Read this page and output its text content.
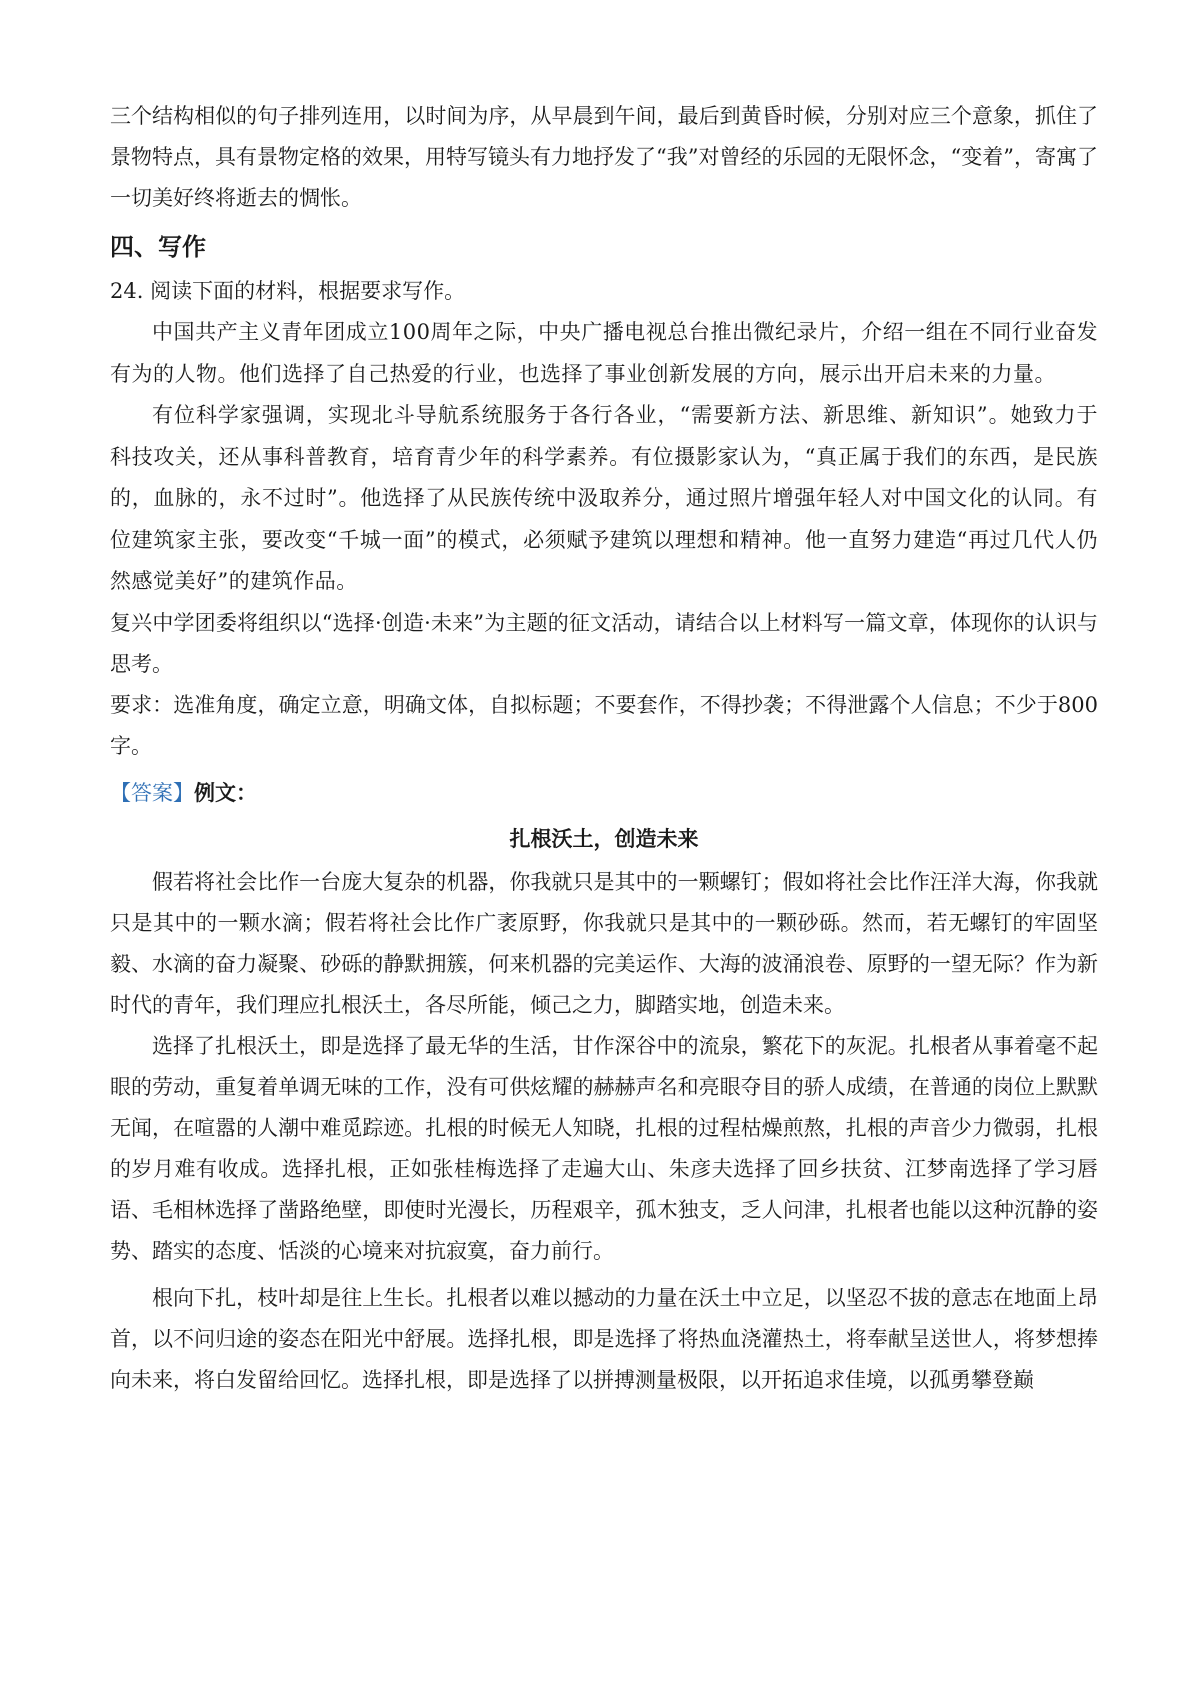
三个结构相似的句子排列连用，以时间为序，从早晨到午间，最后到黄昏时候，分别对应三个意象，抓住了景物特点，具有景物定格的效果，用特写镜头有力地抒发了“我”对曾经的乐园的无限怀念，“变着”，寄寓了一切美好终将逝去的惆怅。

四、写作

24. 阅读下面的材料，根据要求写作。

中国共产主义青年团成立100周年之际，中央广播电视总台推出微纪录片，介绍一组在不同行业奋发有为的人物。他们选择了自己热爱的行业，也选择了事业创新发展的方向，展示出开启未来的力量。

有位科学家强调，实现北斗导航系统服务于各行各业，“需要新方法、新思维、新知识”。她致力于科技攻关，还从事科普教育，培育青少年的科学素养。有位摄影家认为，“真正属于我们的东西，是民族的，血脉的，永不过时”。他选择了从民族传统中汲取养分，通过照片增强年轻人对中国文化的认同。有位建筑家主张，要改变“千城一面”的模式，必须赋予建筑以理想和精神。他一直努力建造“再过几代人仍然感觉美好”的建筑作品。

复兴中学团委将组织以“选择·创造·未来”为主题的征文活动，请结合以上材料写一篇文章，体现你的认识与思考。

要求：选准角度，确定立意，明确文体，自拟标题；不要套作，不得抄袭；不得泄露个人信息；不少于800字。

【答案】例文：

扎根沃土，创造未来

假若将社会比作一台庞大复杂的机器，你我就只是其中的一颗螺钉；假如将社会比作汪洋大海，你我就只是其中的一颗水滴；假若将社会比作广袤原野，你我就只是其中的一颗砂砾。然而，若无螺钉的牢固坚毅、水滴的奋力凝聚、砂砾的静默拥簇，何来机器的完美运作、大海的波涌浪卷、原野的一望无际？作为新时代的青年，我们理应扎根沃土，各尽所能，倾己之力，脚踏实地，创造未来。

选择了扎根沃土，即是选择了最无华的生活，甘作深谷中的流泉，繁花下的灰泥。扎根者从事着毫不起眼的劳动，重复着单调无味的工作，没有可供炫耀的赫赫声名和亮眼夺目的骄人成绩，在普通的岗位上默默无闻，在喧嚣的人潮中难觅踪迹。扎根的时候无人知晓，扎根的过程枯燥煎熬，扎根的声音少力微弱，扎根的岁月难有收成。选择扎根，正如张桂梅选择了走遍大山、朱彦夫选择了回乡扶贫、江梦南选择了学习唇语、毛相林选择了凿路绝壁，即使时光漫长，历程艰辛，孤木独支，乏人问津，扎根者也能以这种沉静的姿势、踏实的态度、恬淡的心境来对抗寂寞，奋力前行。

根向下扎，枝叶却是往上生长。扎根者以难以撼动的力量在沃土中立足，以坚忍不拔的意志在地面上昂首，以不问归途的姿态在阳光中舒展。选择扎根，即是选择了将热血浇灌热土，将奉献呈送世人，将梦想捧向未来，将白发留给回忆。选择扎根，即是选择了以拼搏测量极限，以开拓追求佳境，以孤勇攀登巅
